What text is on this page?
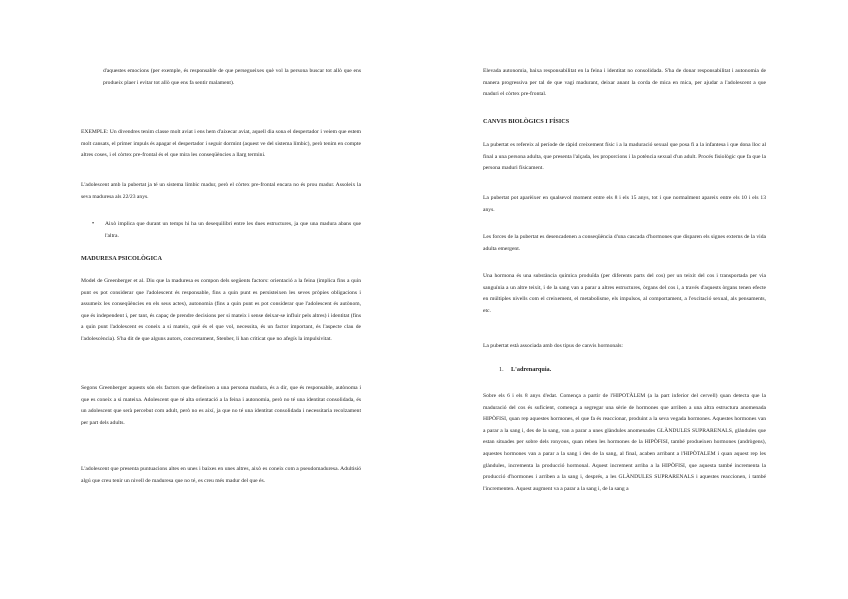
d'aquestes emocions (per exemple, és responsable de que persegueixes què vol la persona buscar tot allò que ens produeix plaer i evitar tot allò que ens fa sentir malament).

EXEMPLE: Un divendres tenim classe molt aviat i ens hem d'aixecar aviat, aquell dia sona el despertador i veiem que estem molt cansats, el primer impuls és apagar el despertador i seguir dormint (aquest ve del sistema límbic), però tenim en compte altres coses, i el còrtex pre-frontal és el que mira les conseqüències a llarg termini.

L'adolescent amb la pubertat ja té un sistema límbic madur, però el còrtex pre-frontal encara no és prou madur. Assoleix la seva maduresa als 22/23 anys.

• Això implica que durant un temps hi ha un desequilibri entre les dues estructures, ja que una madura abans que l'altra.
MADURESA PSICOLÒGICA

Model de Greenberger et al. Diu que la maduresa es compon dels següents factors: orientació a la feina (implica fins a quin punt es pot considerar que l'adolescent és responsable, fins a quin punt es persisteixen les seves pròpies obligacions i assumeix les conseqüències en els seus actes), autonomia (fins a quin punt es pot considerar que l'adolescent és autònom, que és independent i, per tant, és capaç de prendre decisions per si mateix i sense deixar-se influir pels altres) i identitat (fins a quin punt l'adolescent es coneix a si mateix, què és el que vol, necessita, és un factor important, és l'aspecte clau de l'adolescència). S'ha dit de que alguns autors, concretament, Stenber, li han criticat que no afegís la impulsivitat.

Segons Greenberger aquests són els factors que defineixen a una persona madura, és a dir, que és responsable, autònoma i que es coneix a si mateixa. Adolescent que té alta orientació a la feina i autonomia, però no té una identitat consolidada, és un adolescent que serà percebut com adult, però no es així, ja que no té una identitat consolidada i necessitaria recolzament per part dels adults.

L'adolescent que presenta puntuacions altes en unes i baixes en unes altres, això es coneix com a pseudomaduresa. Adultisió algú que creu tenir un nivell de maduresa que no té, es creu més madur del que és.

Elevada autonomia, baixa responsabilitat en la feina i identitat no consolidada. S'ha de donar responsabilitat i autonomia de manera progressiva per tal de que vagi madurant, deixar anant la corda de mica en mica, per ajudar a l'adolescent a que maduri el còrtex pre-frontal.

CANVIS BIOLÒGICS I FÍSICS

La pubertat es refereix al període de ràpid creixement físic i a la maduració sexual que posa fi a la infantesa i que dona lloc al final a una persona adulta, que presenta l'alçada, les proporcions i la potència sexual d'un adult. Procés fisiològic que fa que la persona maduri físicament.

La pubertat pot aparèixer en qualsevol moment entre els 8 i els 15 anys, tot i que normalment apareix entre els 10 i els 13 anys.

Les forces de la pubertat es desencadenen a conseqüència d'una cascada d'hormones que disparen els signes externs de la vida adulta emergent.

Una hormona és una substància química produïda (per diferents parts del cos) per un teixit del cos i transportada per via sanguínia a un altre teixit, i de la sang van a parar a altres estructures, òrgans del cos i, a través d'aquests òrgans tenen efecte en múltiples nivells com el creixement, el metabolisme, els impulsos, al comportament, a l'excitació sexual, als pensaments, etc.

La pubertat està associada amb dos tipus de canvis hormonals:

1. L'adrenarquia.

Sobre els 6 i els 8 anys d'edat. Comença a partir de l'HIPOTÀLEM (a la part inferior del cervell) quan detecta que la maduració del cos és suficient, comença a segregar una sèrie de hormones que arriben a una altra estructura anomenada HIPÒFISI, quan rep aquestes hormones, el que fa és reaccionar, produint a la seva vegada hormones. Aquestes hormones van a parar a la sang i, des de la sang, van a parar a unes glàndules anomenades GLÀNDULES SUPRARENALS, glàndules que estan situades per sobre dels ronyons, quan reben les hormones de la HIPÒFISI, també produeixen hormones (andrògens), aquestes hormones van a parar a la sang i des de la sang, al final, acaben arribant a l'HIPÒTALEM i quan aquest rep les glàndules, incrementa la producció hormonal. Aquest increment arriba a la HIPÒFISI, que aquesta també incrementa la producció d'hormones i arriben a la sang i, després, a les GLÀNDULES SUPRARENALS i aquestes reaccionen, i també l'incrementen. Aquest augment va a parar a la sang i, de la sang a
